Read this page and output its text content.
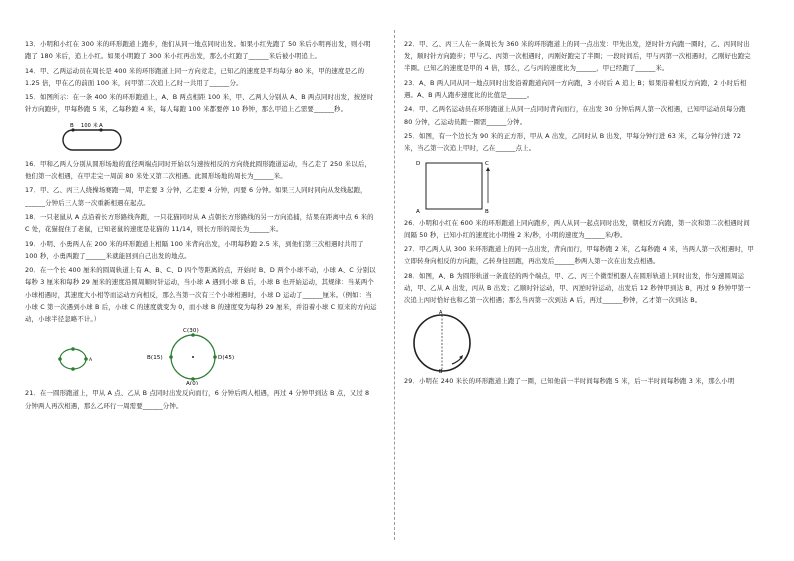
13．小明和小红在 300 米的环形跑道上跑步，他们从同一地点同时出发。如果小红先跑了 50 米后小明再出发，则小明跑了 180 米后，追上小红。如果小明跑了 300 米小红再出发，那么小红跑了______米后被小明追上。

14．甲、乙两运动员在周长是 400 米的环形跑道上同一方向竞走，已知乙的速度是平均每分 80 米，甲的速度是乙的 1.25 倍，甲在乙的前面 100 米，问甲第二次追上乙时一共用了______分。

15．如图所示：在一条 400 米的环形跑道上，A、B 两点相距 100 米，甲、乙两人分别从 A、B 两点同时出发，按逆时针方向跑步，甲每秒跑 5 米，乙每秒跑 4 米，每人每跑 100 米都要停 10 秒钟，那么甲追上乙需要______秒。

B 100 米 A

16．甲和乙两人分别从圆形场地的直径两端点同时开始以匀速按相反的方向绕此圆形跑道运动，当乙走了 250 米以后，他们第一次相遇，在甲走完一周前 80 米处又第二次相遇。此圆形场地的周长为______米。

17．甲、乙、丙三人绕操场赛跑一周，甲走要 3 分钟，乙走要 4 分钟，丙要 6 分钟。如果三人同时同向从发线起跑，______分钟后三人第一次重新相遇在起点。

18．一只老鼠从 A 点沿着长方形路线奔跑，一只花猫同时从 A 点朝长方形路线的另一方向追捕，结果在距离中点 6 米的 C 处，花猫捉住了老鼠，已知老鼠的速度是花猫的 11/14，则长方形的周长为______米。

19．小明、小勇两人在 200 米的环形跑道上相隔 100 米背向出发，小明每秒跑 2.5 米，到他们第三次相遇时共用了 100 秒，小勇两跑了______米就能回到自己出发的地点。

20．在一个长 400 厘米的圆周轨道上有 A、B、C、D 四个等距离的点，开始时 B、D 两个小球不动，小球 A、C 分别以每秒 3 厘米和每秒 29 厘米的速度沿圆周顺时针运动，当小球 A 遇到小球 B 后，小球 B 也开始运动，其规律：当某两个小球相遇时，其速度大小相等而运动方向相反，那么当第一次有三个小球相遇时，小球 D 运动了______厘米。（例如：当小球 C 第一次遇到小球 B 后，小球 C 的速度就变为 0，而小球 B 的速度变为每秒 29 厘米，并沿着小球 C 原来的方向运动，小球半径忽略不计。）

A
C(30)
B(15)	D(45)
A(0)

21．在一圆形跑道上，甲从 A 点、乙从 B 点同时出发反向而行，6 分钟后两人相遇，再过 4 分钟甲到达 B 点，又过 8 分钟两人再次相遇，那么乙环行一周需要______分钟。

22．甲、乙、丙三人在一条周长为 360 米的环形跑道上的同一点出发：甲先出发，逆时针方向跑一圈时，乙、丙同时出发，顺时针方向跑步；甲与乙、丙第一次相遇时，丙刚好跑完了半圈；一段时间后，甲与丙第一次相遇时，乙刚好也跑完半圈。已知乙的速度是甲的 4 倍，那么，乙与丙的速度比为______，甲已经跑了______米。

23．A、B 两人同从同一地点同时出发沿着跑道向同一方向跑，3 小时后 A 追上 B；如果沿着相反方向跑，2 小时后相遇。A、B 两人跑步速度比的比值是______。

24．甲、乙两名运动员在环形跑道上从同一点同时背向而行，在出发 30 分钟后两人第一次相遇，已知甲运动员每分跑 80 分钟，乙运动员跑一圈需______分钟。

25．如图，有一个边长为 90 米的正方形，甲从 A 出发，乙同时从 B 出发，甲每分钟行进 63 米，乙每分钟行进 72 米，当乙第一次追上甲时，乙在______点上。

D	C
A	B

26．小明和小红在 600 米的环形跑道上同向跑步，两人从同一起点同时出发，朝相反方向跑，第一次和第二次相遇时间间隔 50 秒，已知小红的速度比小明慢 2 米/秒，小明的速度为______米/秒。

27．甲乙两人从 300 米环形跑道上的同一点出发，背向而行，甲每秒跑 2 米，乙每秒跑 4 米，当两人第一次相遇时，甲立即转身向相反的方向跑，乙转身往回跑，再出发后______秒两人第一次在出发点相遇。

28．如图，A、B 为圆形轨道一条直径的两个端点，甲、乙、丙三个微型机器人在圆形轨道上同时出发，作匀速圆周运动，甲、乙从 A 出发，丙从 B 出发；乙顺时针运动，甲、丙逆时针运动，出发后 12 秒钟甲到达 B，再过 9 秒钟甲第一次追上丙时恰好也和乙第一次相遇；那么当丙第一次到达 A 后，再过______秒钟，乙才第一次到达 B。

A
B

29．小明在 240 米长的环形跑道上跑了一圈，已知他前一半时间每秒跑 5 米，后一半时间每秒跑 3 米，那么小明
